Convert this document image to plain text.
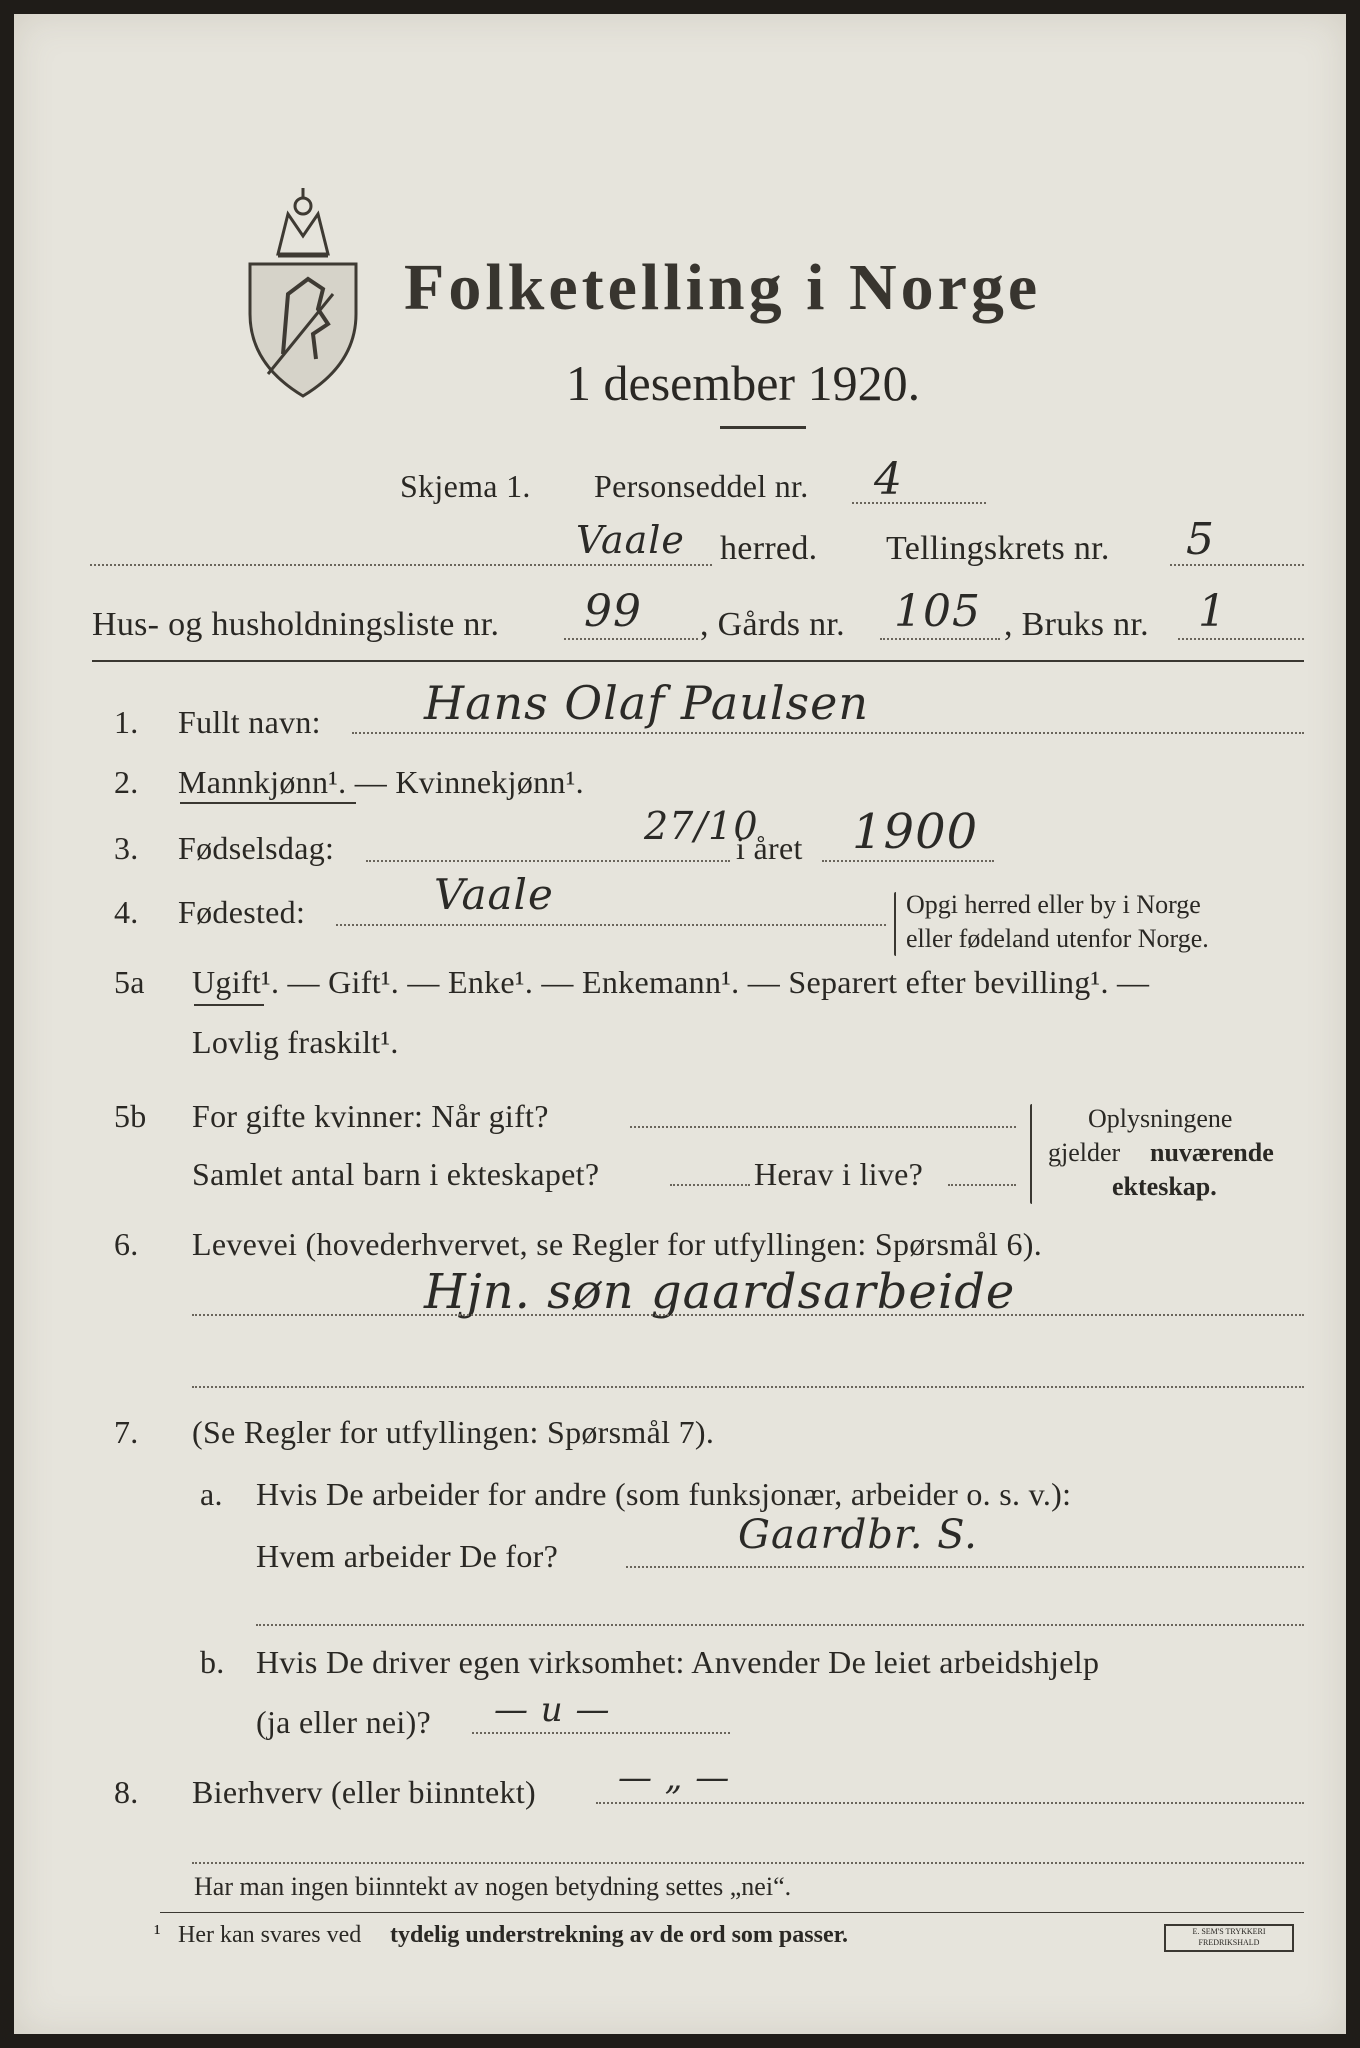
Folketelling i Norge
1 desember 1920.
Skjema 1. Personseddel nr. 4
Vaale herred. Tellingskrets nr. 5
Hus- og husholdningsliste nr. 99 , Gårds nr. 105 , Bruks nr. 1
1. Fullt navn: Hans Olaf Paulsen
2. Mannkjønn¹. — Kvinnekjønn¹.
3. Fødselsdag:	27/10
i året 1900
4. Fødested:	Vaale	Opgi herred eller by i Norge
eller fødeland utenfor Norge.
5a Ugift¹. — Gift¹. — Enke¹. — Enkemann¹. — Separert efter bevilling¹. —
Lovlig fraskilt¹.
5b For gifte kvinner: Når gift?
Samlet antal barn i ekteskapet?	Herav i live?
Oplysningene
gjelder nuværende
ekteskap.
6. Levevei (hovederhvervet, se Regler for utfyllingen: Spørsmål 6).
Hjn. søn gaardsarbeide
7. (Se Regler for utfyllingen: Spørsmål 7).
a. Hvis De arbeider for andre (som funksjonær, arbeider o. s. v.):
Hvem arbeider De for?	Gaardbr. S.
b. Hvis De driver egen virksomhet: Anvender De leiet arbeidshjelp
(ja eller nei)? — u —
8. Bierhverv (eller biinntekt) — „ —
Har man ingen biinntekt av nogen betydning settes „nei“.
¹ Her kan svares ved tydelig understrekning av de ord som passer.	E. SEM'S TRYKKERI FREDRIKSHALD
